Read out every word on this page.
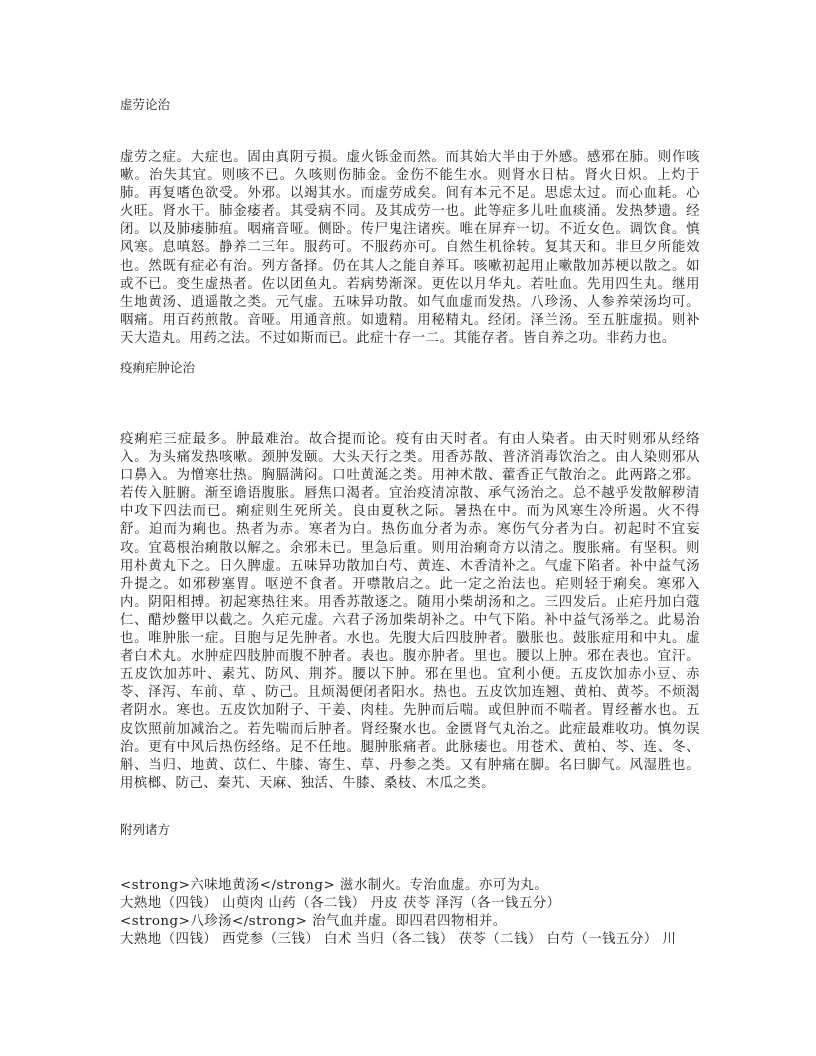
虚劳论治

虚劳之症。大症也。固由真阴亏损。虚火铄金而然。而其始大半由于外感。感邪在肺。则作咳嗽。治失其宜。则咳不已。久咳则伤肺金。金伤不能生水。则肾水日枯。肾火日炽。上灼于肺。再复嗜色欲受。外邪。以竭其水。而虚劳成矣。间有本元不足。思虑太过。而心血耗。心火旺。肾水干。肺金痿者。其受病不同。及其成劳一也。此等症多儿吐血痰涌。发热梦遗。经闭。以及肺痿肺疽。咽痛音哑。侧卧。传尸鬼注诸疾。唯在屏弃一切。不近女色。调饮食。慎风寒。息嗔怒。静养二三年。服药可。不服药亦可。自然生机徐转。复其天和。非旦夕所能效也。然既有症必有治。列方备择。仍在其人之能自养耳。咳嗽初起用止嗽散加苏梗以散之。如或不已。变生虚热者。佐以团鱼丸。若病势渐深。更佐以月华丸。若吐血。先用四生丸。继用生地黄汤、逍遥散之类。元气虚。五味异功散。如气血虚而发热。八珍汤、人参养荣汤均可。咽痛。用百药煎散。音哑。用通音煎。如遗精。用秘精丸。经闭。泽兰汤。至五脏虚损。则补天大造丸。用药之法。不过如斯而已。此症十存一二。其能存者。皆自养之功。非药力也。

疫痢疟肿论治

疫痢疟三症最多。肿最难治。故合提而论。疫有由天时者。有由人染者。由天时则邪从经络入。为头痛发热咳嗽。颈肿发颐。大头天行之类。用香苏散、普济消毒饮治之。由人染则邪从口鼻入。为憎寒壮热。胸膈满闷。口吐黄涎之类。用神术散、藿香正气散治之。此两路之邪。若传入脏腑。渐至谵语腹胀。唇焦口渴者。宜治疫清凉散、承气汤治之。总不越乎发散解秽清中攻下四法而已。痢症则生死所关。良由夏秋之际。暑热在中。而为风寒生冷所遏。火不得舒。迫而为痢也。热者为赤。寒者为白。热伤血分者为赤。寒伤气分者为白。初起时不宜妄攻。宜葛根治痢散以解之。余邪未已。里急后重。则用治痢奇方以清之。腹胀痛。有坚积。则用朴黄丸下之。日久脾虚。五味异功散加白芍、黄连、木香清补之。气虚下陷者。补中益气汤升提之。如邪秽塞胃。呕逆不食者。开噤散启之。此一定之治法也。疟则轻于痢矣。寒邪入内。阴阳相搏。初起寒热往来。用香苏散逐之。随用小柴胡汤和之。三四发后。止疟丹加白蔻仁、醋炒鳖甲以截之。久疟元虚。六君子汤加柴胡补之。中气下陷。补中益气汤举之。此易治也。唯肿胀一症。目胞与足先肿者。水也。先腹大后四肢肿者。臌胀也。鼓胀症用和中丸。虚者白术丸。水肿症四肢肿而腹不肿者。表也。腹亦肿者。里也。腰以上肿。邪在表也。宜汗。五皮饮加苏叶、素艽、防风、荆芥。腰以下肿。邪在里也。宜利小便。五皮饮加赤小豆、赤苓、泽泻、车前、草 、防己。且烦渴便闭者阳水。热也。五皮饮加连翘、黄柏、黄芩。不烦渴者阴水。寒也。五皮饮加附子、干姜、肉桂。先肿而后喘。或但肿而不喘者。胃经蓄水也。五皮饮照前加减治之。若先喘而后肿者。肾经聚水也。金匮肾气丸治之。此症最难收功。慎勿误治。更有中风后热伤经络。足不任地。腿肿胀痛者。此脉痿也。用苍术、黄柏、芩、连、冬、斛、当归、地黄、苡仁、牛膝、寄生、草、丹参之类。又有肿痛在脚。名曰脚气。风湿胜也。用槟榔、防己、秦艽、天麻、独活、牛膝、桑枝、木瓜之类。

附列诸方
<strong>六味地黄汤</strong> 滋水制火。专治血虚。亦可为丸。
大熟地（四钱） 山萸肉 山药（各二钱） 丹皮 茯苓 泽泻（各一钱五分）
<strong>八珍汤</strong> 治气血并虚。即四君四物相并。
大熟地（四钱） 西党参（三钱） 白术 当归（各二钱） 茯苓（二钱） 白芍（一钱五分） 川
